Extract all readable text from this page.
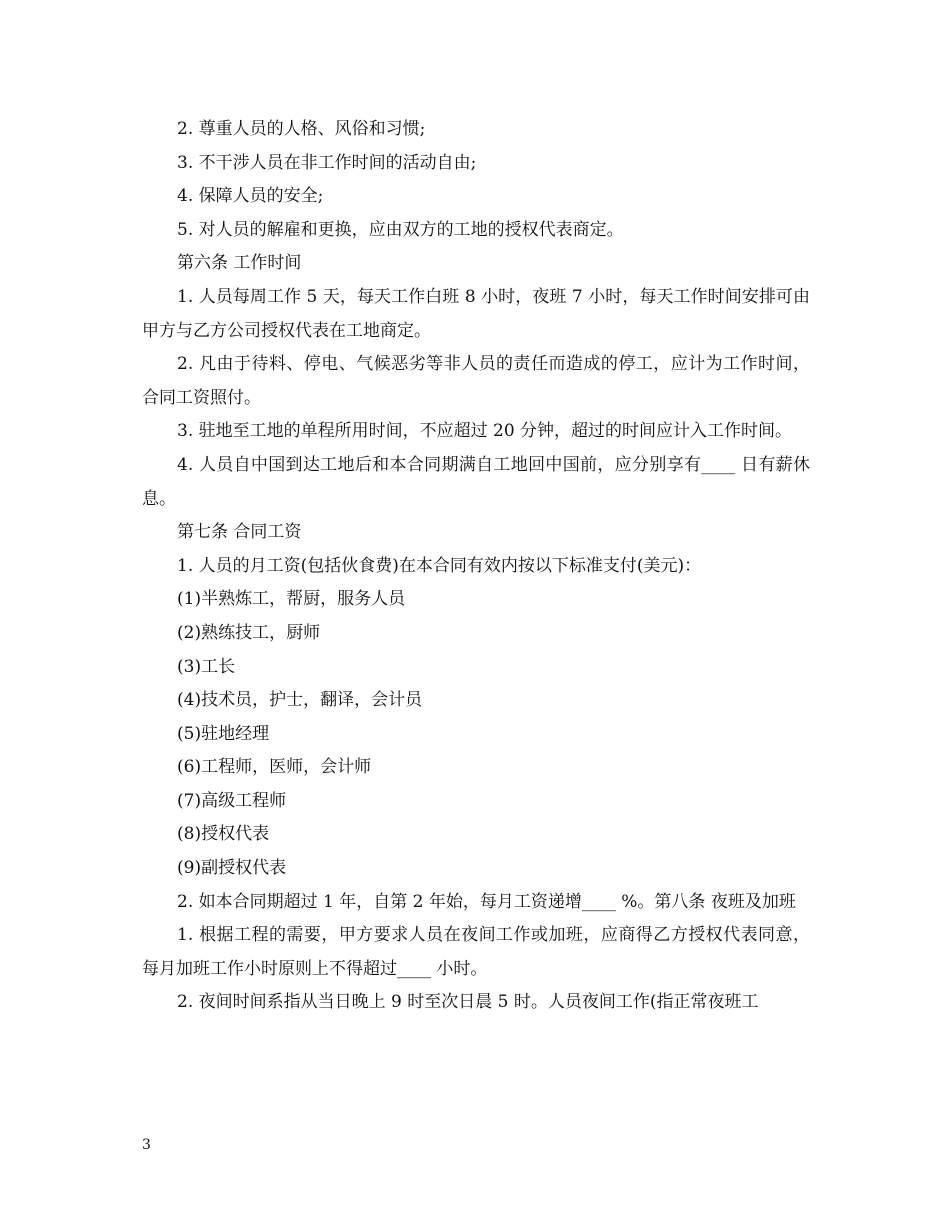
2. 尊重人员的人格、风俗和习惯;

3. 不干涉人员在非工作时间的活动自由;

4. 保障人员的安全;

5. 对人员的解雇和更换，应由双方的工地的授权代表商定。

第六条 工作时间

1. 人员每周工作 5 天，每天工作白班 8 小时，夜班 7 小时，每天工作时间安排可由甲方与乙方公司授权代表在工地商定。

2. 凡由于待料、停电、气候恶劣等非人员的责任而造成的停工，应计为工作时间，合同工资照付。

3. 驻地至工地的单程所用时间，不应超过 20 分钟，超过的时间应计入工作时间。

4. 人员自中国到达工地后和本合同期满自工地回中国前，应分别享有____ 日有薪休息。

第七条 合同工资

1. 人员的月工资(包括伙食费)在本合同有效内按以下标准支付(美元)：

(1)半熟炼工，帮厨，服务人员

(2)熟练技工，厨师

(3)工长

(4)技术员，护士，翻译，会计员

(5)驻地经理

(6)工程师，医师，会计师

(7)高级工程师

(8)授权代表

(9)副授权代表

2. 如本合同期超过 1 年，自第 2 年始，每月工资递增____ %。第八条 夜班及加班

1. 根据工程的需要，甲方要求人员在夜间工作或加班，应商得乙方授权代表同意，每月加班工作小时原则上不得超过____ 小时。

2. 夜间时间系指从当日晚上 9 时至次日晨 5 时。人员夜间工作(指正常夜班工

3
